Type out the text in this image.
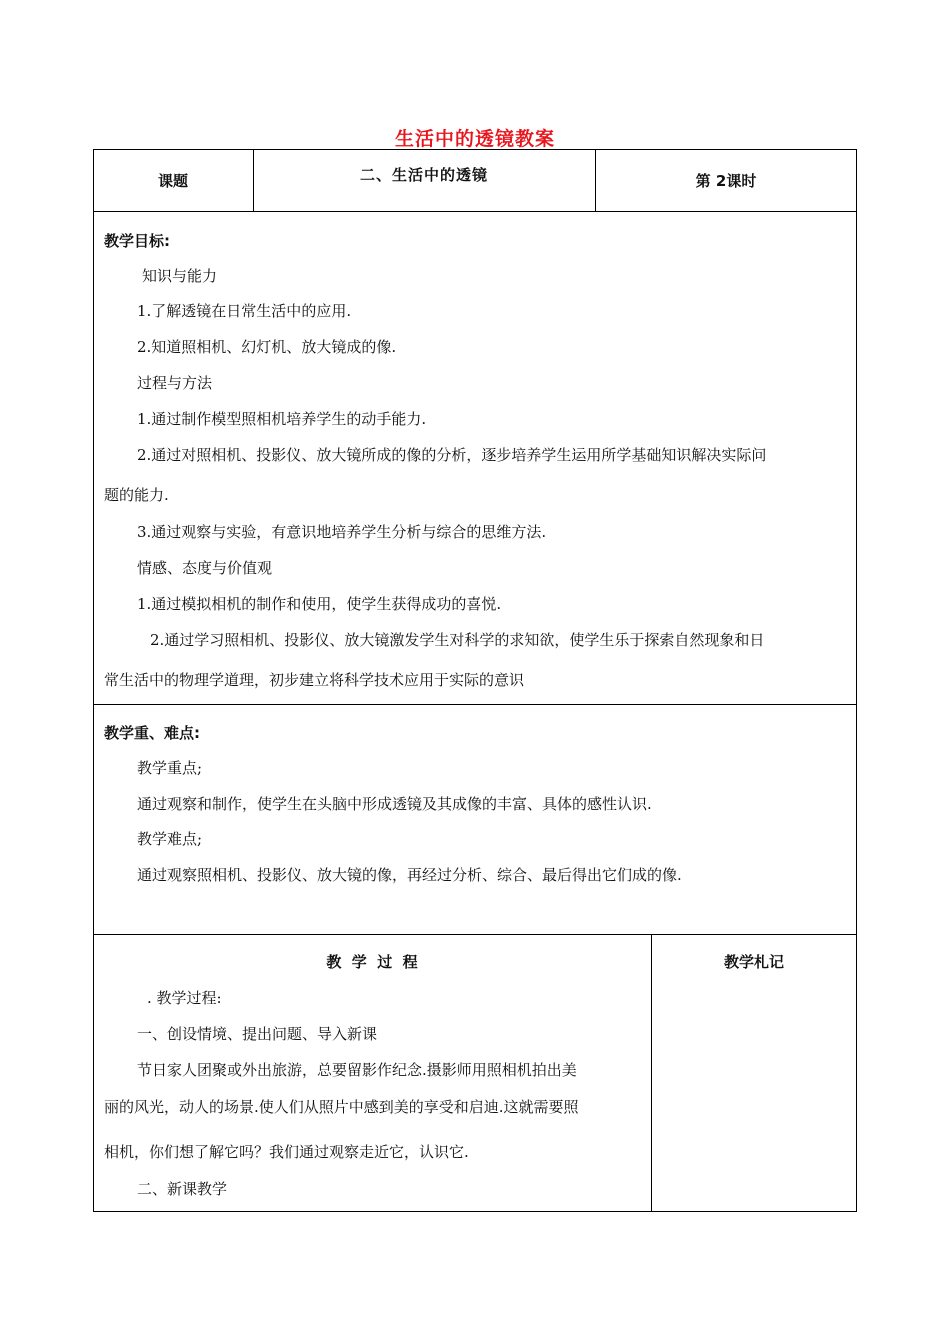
生活中的透镜教案
课题	二、生活中的透镜	第 2课时
教学目标:
知识与能力
1.了解透镜在日常生活中的应用.
2.知道照相机、幻灯机、放大镜成的像.
过程与方法
1.通过制作模型照相机培养学生的动手能力.
2.通过对照相机、投影仪、放大镜所成的像的分析，逐步培养学生运用所学基础知识解决实际问
题的能力.
3.通过观察与实验，有意识地培养学生分析与综合的思维方法.
情感、态度与价值观
1.通过模拟相机的制作和使用，使学生获得成功的喜悦.
2.通过学习照相机、投影仪、放大镜激发学生对科学的求知欲，使学生乐于探索自然现象和日
常生活中的物理学道理，初步建立将科学技术应用于实际的意识
教学重、难点:
教学重点;
通过观察和制作，使学生在头脑中形成透镜及其成像的丰富、具体的感性认识.
教学难点;
通过观察照相机、投影仪、放大镜的像，再经过分析、综合、最后得出它们成的像.
教  学  过  程	教学札记
. 教学过程:
一、创设情境、提出问题、导入新课
节日家人团聚或外出旅游，总要留影作纪念.摄影师用照相机拍出美
丽的风光，动人的场景.使人们从照片中感到美的享受和启迪.这就需要照
相机，你们想了解它吗？我们通过观察走近它，认识它.
二、新课教学
